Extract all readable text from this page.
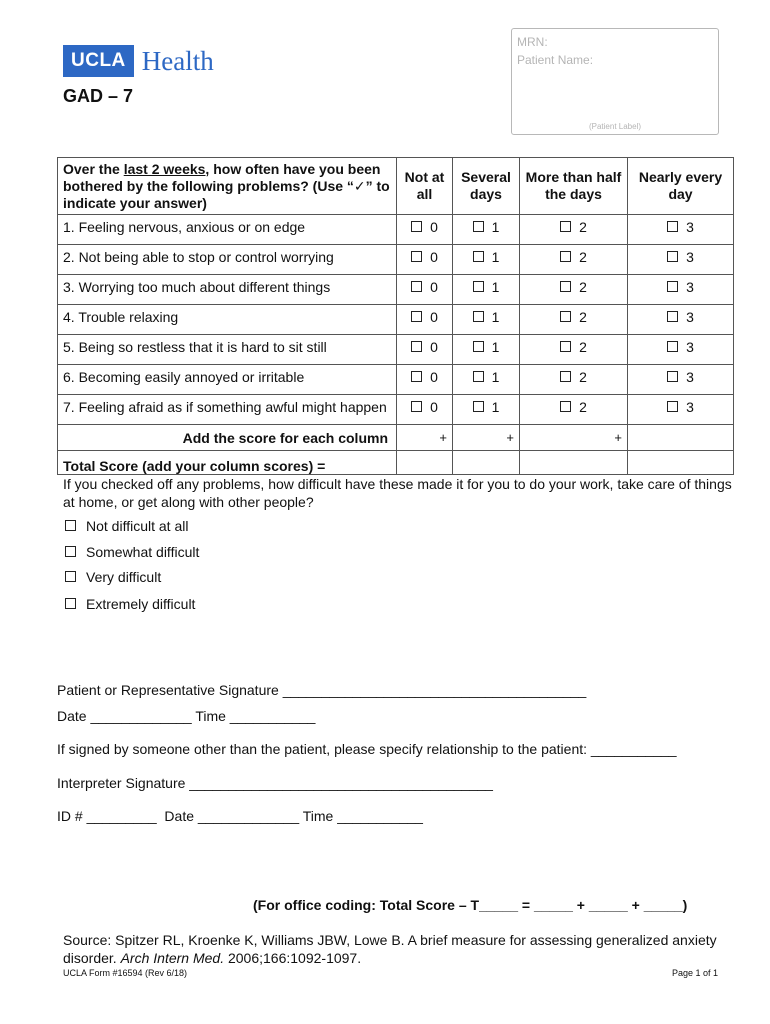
UCLA Health
GAD – 7
MRN:
Patient Name:
(Patient Label)
Over the last 2 weeks, how often have you been bothered by the following problems? (Use “✓” to indicate your answer)	Not at all	Several days	More than half the days	Nearly every day
1. Feeling nervous, anxious or on edge	0	1	2	3
2. Not being able to stop or control worrying	0	1	2	3
3. Worrying too much about different things	0	1	2	3
4. Trouble relaxing	0	1	2	3
5. Being so restless that it is hard to sit still	0	1	2	3
6. Becoming easily annoyed or irritable	0	1	2	3
7. Feeling afraid as if something awful might happen	0	1	2	3
Add the score for each column	+	+	+	
Total Score (add your column scores) =				
If you checked off any problems, how difficult have these made it for you to do your work, take care of things at home, or get along with other people?
Not difficult at all
Somewhat difficult
Very difficult
Extremely difficult
Patient or Representative Signature _______________________________________
Date _____________ Time ___________
If signed by someone other than the patient, please specify relationship to the patient: ___________
Interpreter Signature _______________________________________
ID # _________  Date _____________ Time ___________
(For office coding: Total Score – T_____ = _____ + _____ + _____)
Source: Spitzer RL, Kroenke K, Williams JBW, Lowe B. A brief measure for assessing generalized anxiety disorder. Arch Intern Med. 2006;166:1092-1097.
UCLA Form #16594 (Rev 6/18)	Page 1 of 1
